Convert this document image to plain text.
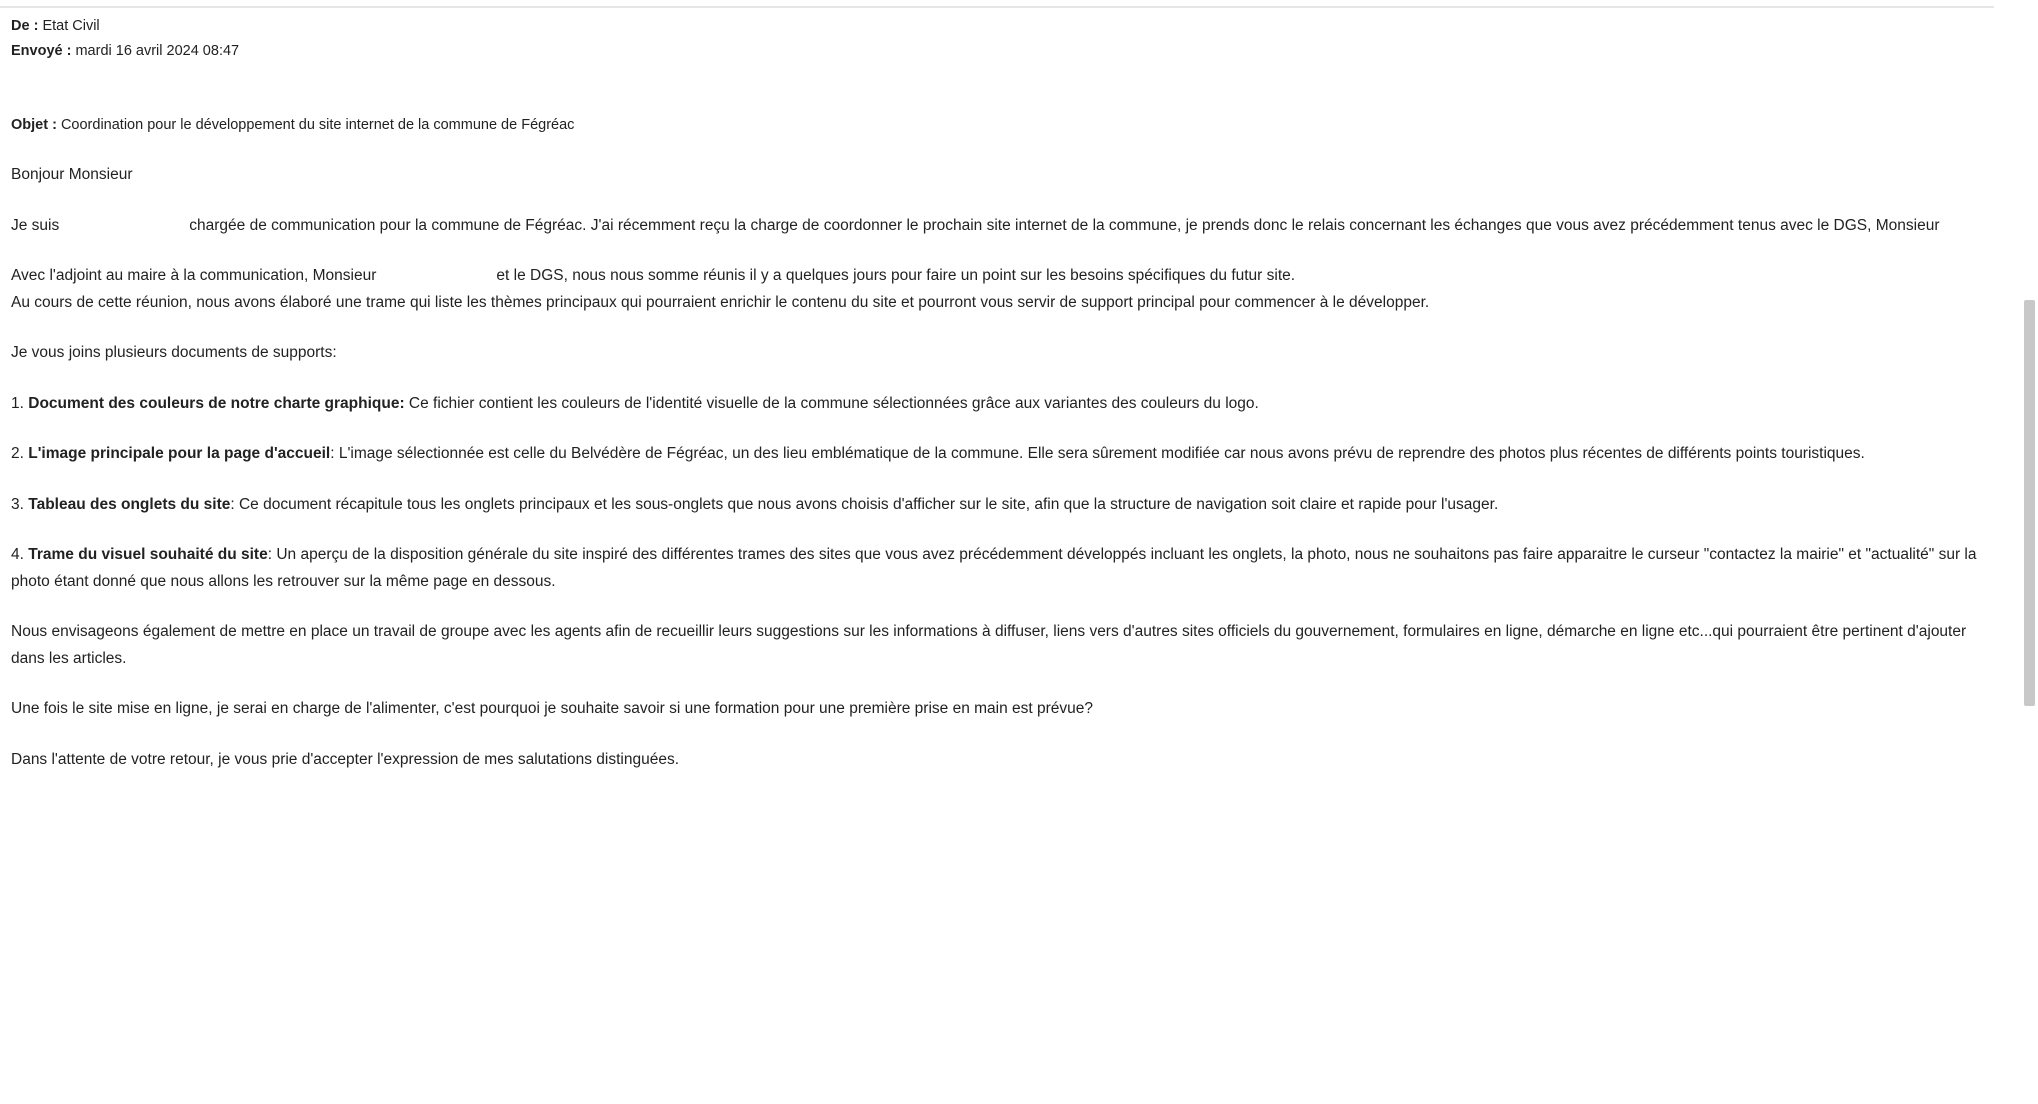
De : Etat Civil
Envoyé : mardi 16 avril 2024 08:47
Objet : Coordination pour le développement du site internet de la commune de Fégréac

Bonjour Monsieur

Je suis	chargée de communication pour la commune de Fégréac. J'ai récemment reçu la charge de coordonner le prochain site internet de la commune, je prends donc le relais concernant les échanges que vous avez précédemment tenus avec le DGS, Monsieur

Avec l'adjoint au maire à la communication, Monsieur	et le DGS, nous nous somme réunis il y a quelques jours pour faire un point sur les besoins spécifiques du futur site.

Au cours de cette réunion, nous avons élaboré une trame qui liste les thèmes principaux qui pourraient enrichir le contenu du site et pourront vous servir de support principal pour commencer à le développer.

Je vous joins plusieurs documents de supports:

1. Document des couleurs de notre charte graphique: Ce fichier contient les couleurs de l'identité visuelle de la commune sélectionnées grâce aux variantes des couleurs du logo.

2. L'image principale pour la page d'accueil: L'image sélectionnée est celle du Belvédère de Fégréac, un des lieu emblématique de la commune. Elle sera sûrement modifiée car nous avons prévu de reprendre des photos plus récentes de différents points touristiques.

3. Tableau des onglets du site: Ce document récapitule tous les onglets principaux et les sous-onglets que nous avons choisis d'afficher sur le site, afin que la structure de navigation soit claire et rapide pour l'usager.

4. Trame du visuel souhaité du site: Un aperçu de la disposition générale du site inspiré des différentes trames des sites que vous avez précédemment développés incluant les onglets, la photo, nous ne souhaitons pas faire apparaitre le curseur "contactez la mairie" et "actualité" sur la photo étant donné que nous allons les retrouver sur la même page en dessous.

Nous envisageons également de mettre en place un travail de groupe avec les agents afin de recueillir leurs suggestions sur les informations à diffuser, liens vers d'autres sites officiels du gouvernement, formulaires en ligne, démarche en ligne etc...qui pourraient être pertinent d'ajouter dans les articles.

Une fois le site mise en ligne, je serai en charge de l'alimenter, c'est pourquoi je souhaite savoir si une formation pour une première prise en main est prévue?

Dans l'attente de votre retour, je vous prie d'accepter l'expression de mes salutations distinguées.
